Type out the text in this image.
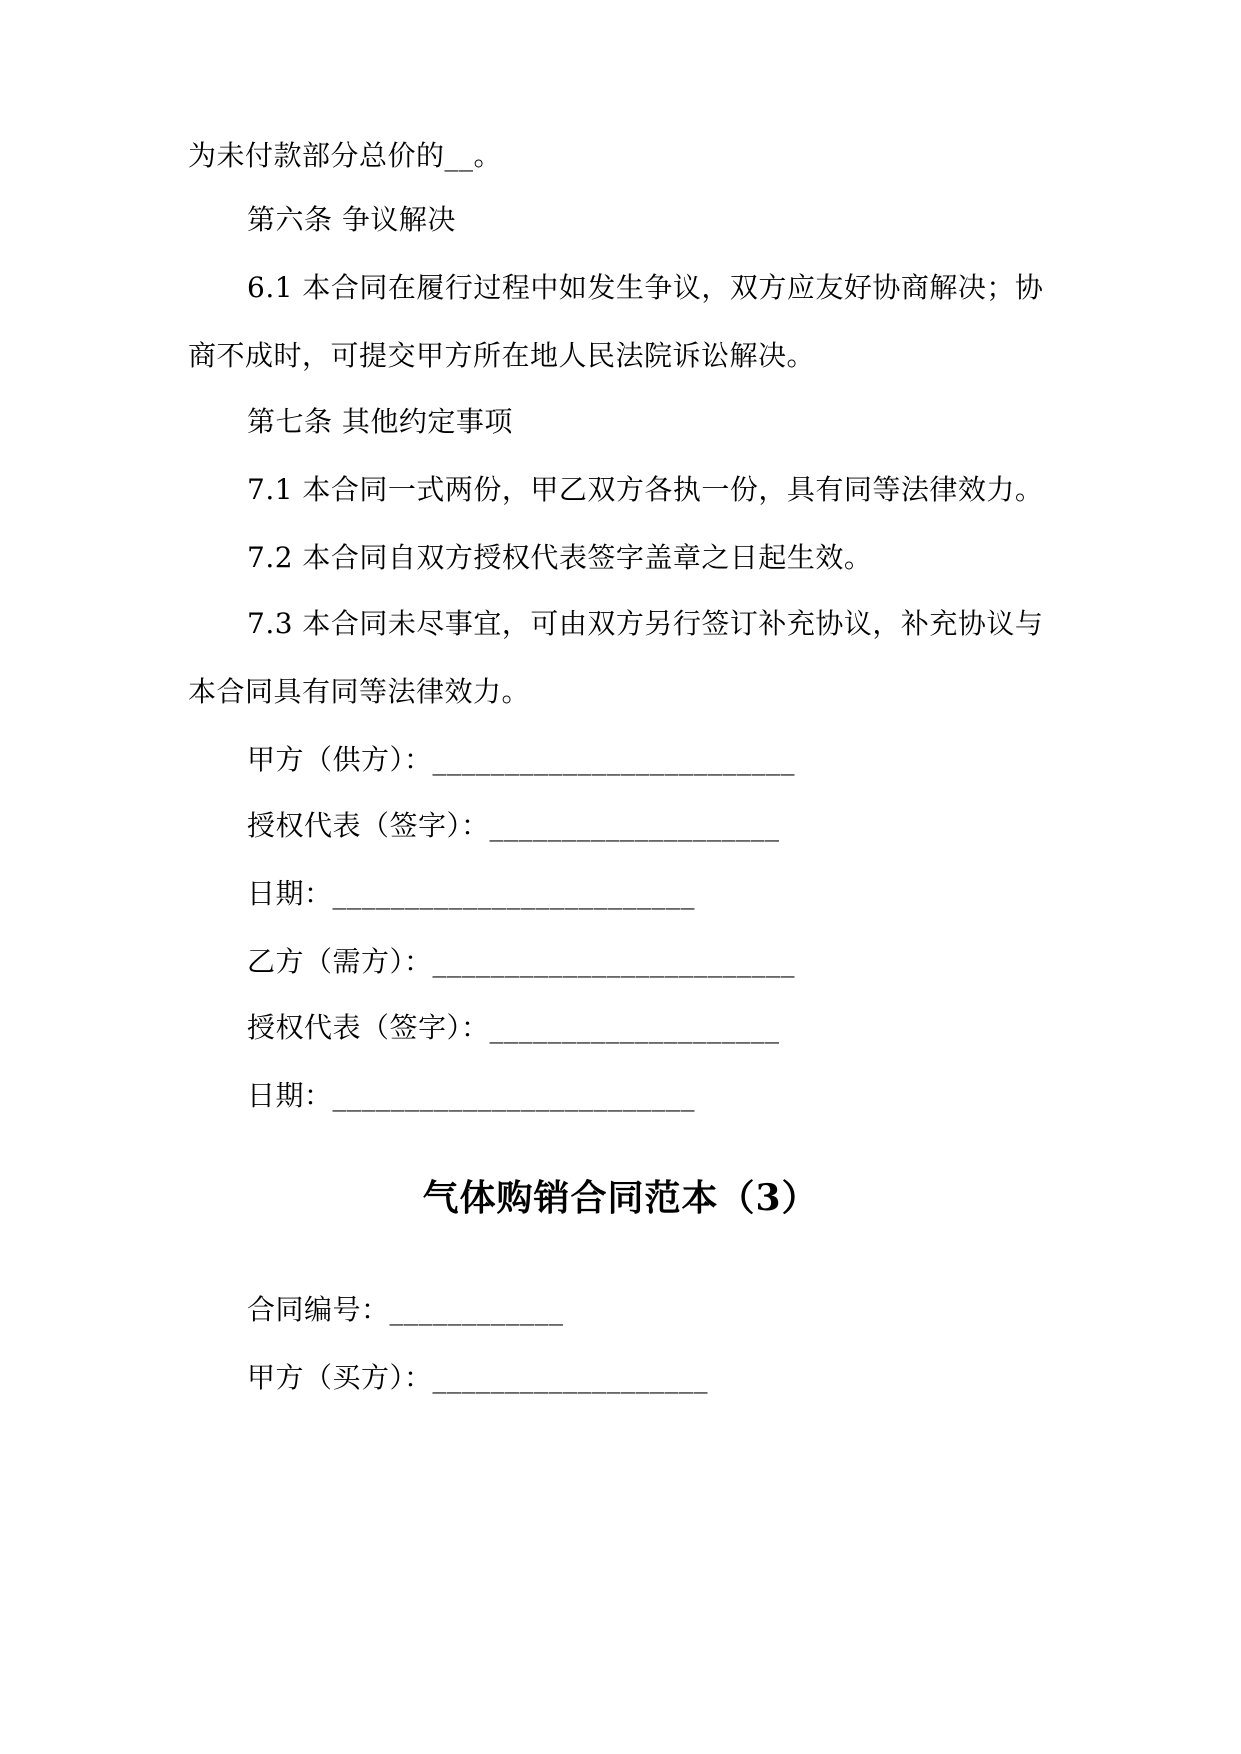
为未付款部分总价的__。
第六条 争议解决
6.1 本合同在履行过程中如发生争议，双方应友好协商解决；协
商不成时，可提交甲方所在地人民法院诉讼解决。
第七条 其他约定事项
7.1 本合同一式两份，甲乙双方各执一份，具有同等法律效力。
7.2 本合同自双方授权代表签字盖章之日起生效。
7.3 本合同未尽事宜，可由双方另行签订补充协议，补充协议与
本合同具有同等法律效力。
甲方（供方）：_________________________
授权代表（签字）：____________________
日期：_________________________
乙方（需方）：_________________________
授权代表（签字）：____________________
日期：_________________________
气体购销合同范本（3）
合同编号：____________
甲方（买方）：___________________
